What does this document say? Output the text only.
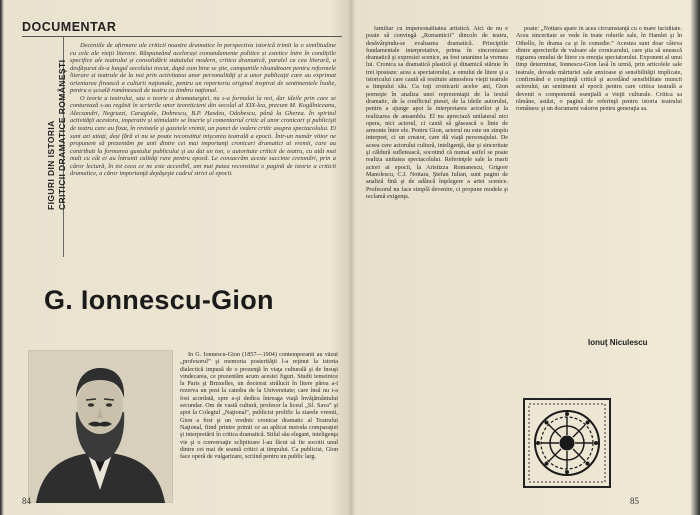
DOCUMENTAR
FIGURI DIN ISTORIA CRITICII DRAMATICE ROMÂNEŞTI

Deceniile de afirmare ale criticii noastre dramatice în perspectiva istorică trimit la o similitudine cu cele ale vieţii literare. Răspunzând acelorași comandamente politice și estetice între în condiţiile specifice ale teatrului și consolidării statutului modern, critica dramatică, paralel cu cea literară, a desfăşurat de-a lungul secolului trecut, după cum bine se ştie, campaniile răsunătoare pentru reformele literare și teatrale de la noi prin activitatea unor personalităţi și a unor publicaţii care au exprimat orientarea firească a culturii naţionale, pentru un repertoriu original inspirat de sentimentele înalte, pentru o școală românească de teatru cu timbru naţional.

O teorie a teatrului, sau o teorie a dramaturgiei, nu s-a formulat la noi, dar ideile prin care se conturează s-au regăsit în scrierile unor teoreticieni din secolul al XIX-lea, precum M. Kogălniceanu, Alecsandri, Negruzzi, Caragiale, Dobrescu, B.P. Hasdeu, Odobescu, până la Gherea. În spiritul activităţii acestora, imperativ și stimulativ se înscrie şi comentariul critic al unor cronicari şi publicişti de teatru care au fixat, în revistele şi gazetele vremii, un punct de vedere critic asupra spectacolului. Ei sunt azi uitați, deși fără ei nu se poate reconstitui mişcarea teatrală a epocii. Într-un număr viitor ne propunem să prezentăm pe unii dintre cei mai importanţi cronicari dramatici ai vremii, care au contribuit la formarea gustului publicului şi au dat un ton, o autoritate criticii de teatru, cu atât mai mult cu cât ei au întrunit calităţi rare pentru epocă. Le consacrăm aceste succinte creionări, prin a căror lectură, în tot ceea ce ne este accesibil, am mai putea reconstitui o pagină de istorie a criticii dramatice, a căror importanţă depăşeşte cadrul strict al epocii.

G. Ionnescu-Gion

În G. Ionnescu-Gion (1857—1904) contemporanii au văzut „profesorul” şi memoria posterităţii l-a reţinut la istoria dialectică impusă de o prezenţă în viaţa culturală şi de însuşi vindecarea, ce prezentăm acum acestei figuri. Studii temeinice la Paris şi Bruxelles, un doctorat strălucit în litere părea a-i rezerva un post la catedra de la Universitate; care însă nu i-a fost acordată, spre a-şi dedica întreaga viaţă învăţământului secundar. Om de vastă cultură, profesor la liceul „Sf. Sava” şi apoi la Colegiul „Naţional”, publicist prolific la ziarele vremii, Gion a fost şi un vrednic cronicar dramatic al Teatrului Naţional, fiind printre primii ce au aplicat metoda comparaţiei şi interpretării în critica dramatică. Stilul său elegant, inteligenţa vie şi o conversaţie sclipitoare l-au făcut să fie socotit unul dintre cei mai de seamă critici ai timpului. Ca publicist, Gion face operă de vulgarizare, scriind pentru un public larg.

84

familiar cu impersonalitatea artistică. Aici de nu e poate să convingă „Romanticii” dincolo de teatru, desăvârşindu-se evaluarea dramatică. Principiile fundamentale interpretative, prima în sincronizare dramatică şi expresiei scenice, au fost unanime la vremea lui. Cronica sa dramatică plastică şi dinamică stăruie în trei ipostaze: acea a spectatorului, a omului de litere şi a istoricului care caută să restituie atmosfera vieţii teatrale a timpului său. Ca toţi cronicarii acelor ani, Gion porneşte în analiza unei reprezentaţii de la textul dramatic, de la conflictul piesei, de la ideile autorului, pentru a ajunge apoi la interpretarea actorilor şi la realizarea de ansamblu. El nu apreciază unilateral nici opera, nici actorul, ci caută să găsească o linie de armonie între ele. Pentru Gion, actorul nu este un simplu interpret, ci un creator, care dă viaţă personajului. De aceea cere actorului cultură, inteligenţă, dar şi sinceritate şi căldură sufletească, socotind că numai astfel se poate realiza unitatea spectacolului. Referinţele sale la marii actori ai epocii, la Aristizza Romanescu, Grigore Manolescu, C.I. Nottara, Ştefan Iulian, sunt pagini de analiză fină şi de adâncă înţelegere a artei scenice. Profesorul nu face simplă devenire, ci propune modele şi reclamă exigenţa.

poate: „Nottara apare în acea circumstanţă cu o mare luciditate. Acea sinceritate se vede în toate rolurile sale, în Hamlet şi în Othello, în drama ca şi în comedie.” Acestea sunt doar câteva dintre aprecierile de valoare ale cronicarului, care ştia să unească rigoarea omului de litere cu emoţia spectatorului. Exponent al unui timp determinat, Ionnescu-Gion lasă în urmă, prin articolele sale teatrale, dovada mărturiei sale anxioase şi sensibilităţii implicate, confirmând o conştiinţă critică şi acordând sensibilitate muncii actorului, un sentiment al epocii pentru care critica teatrală a devenit o componentă esenţială a vieţii culturale. Critica sa rămâne, astăzi, o pagină de referinţă pentru istoria teatrului românesc şi un document valoros pentru generaţia sa.

Ionuţ Niculescu
85
